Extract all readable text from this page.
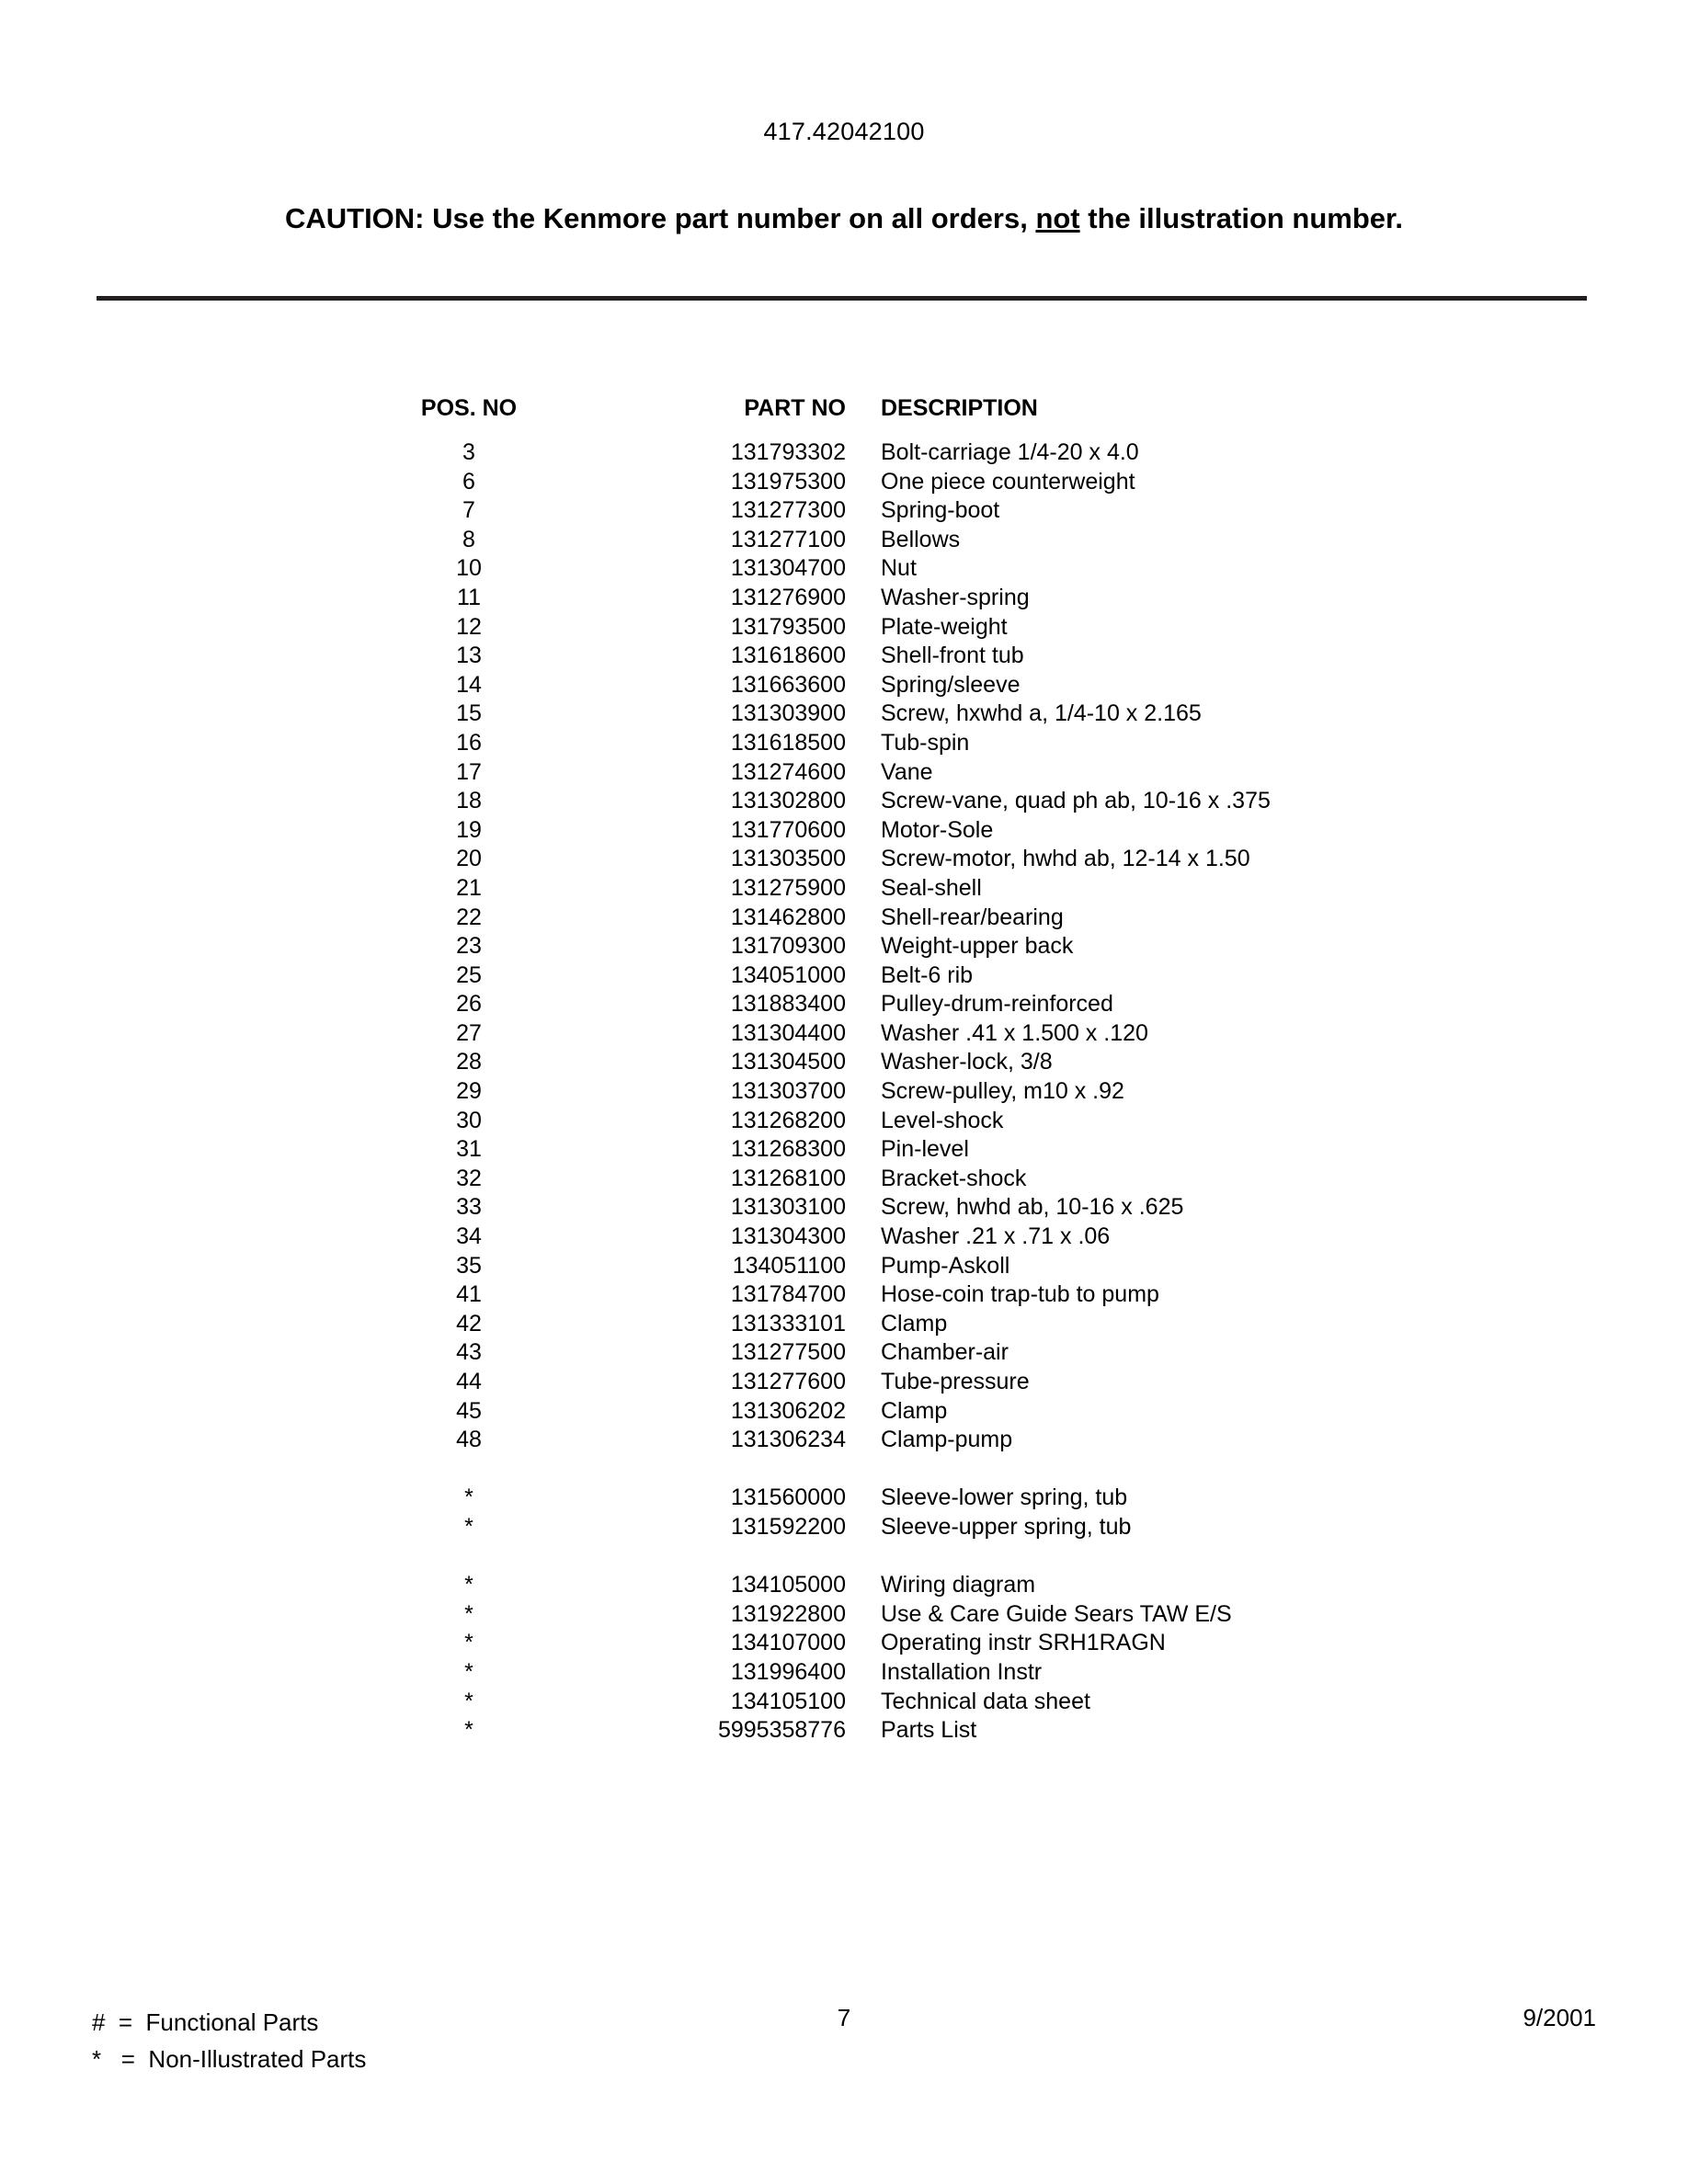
417.42042100
CAUTION: Use the Kenmore part number on all orders, not the illustration number.
POS. NO	PART NO DESCRIPTION
3	131793302 Bolt-carriage 1/4-20 x 4.0
6	131975300 One piece counterweight
7	131277300 Spring-boot
8	131277100 Bellows
10	131304700 Nut
11	131276900 Washer-spring
12	131793500 Plate-weight
13	131618600 Shell-front tub
14	131663600 Spring/sleeve
15	131303900 Screw, hxwhd a, 1/4-10 x 2.165
16	131618500 Tub-spin
17	131274600 Vane
18	131302800 Screw-vane, quad ph ab, 10-16 x .375
19	131770600 Motor-Sole
20	131303500 Screw-motor, hwhd ab, 12-14 x 1.50
21	131275900 Seal-shell
22	131462800 Shell-rear/bearing
23	131709300 Weight-upper back
25	134051000 Belt-6 rib
26	131883400 Pulley-drum-reinforced
27	131304400 Washer .41 x 1.500 x .120
28	131304500 Washer-lock, 3/8
29	131303700 Screw-pulley, m10 x .92
30	131268200 Level-shock
31	131268300 Pin-level
32	131268100 Bracket-shock
33	131303100 Screw, hwhd ab, 10-16 x .625
34	131304300 Washer .21 x .71 x .06
35	134051100 Pump-Askoll
41	131784700 Hose-coin trap-tub to pump
42	131333101 Clamp
43	131277500 Chamber-air
44	131277600 Tube-pressure
45	131306202 Clamp
48	131306234 Clamp-pump
*	131560000 Sleeve-lower spring, tub
*	131592200 Sleeve-upper spring, tub
*	134105000 Wiring diagram
*	131922800 Use & Care Guide Sears TAW E/S
*	134107000 Operating instr SRH1RAGN
*	131996400 Installation Instr
*	134105100 Technical data sheet
*	5995358776 Parts List
#  =  Functional Parts
*   =  Non-Illustrated Parts
7	9/2001
